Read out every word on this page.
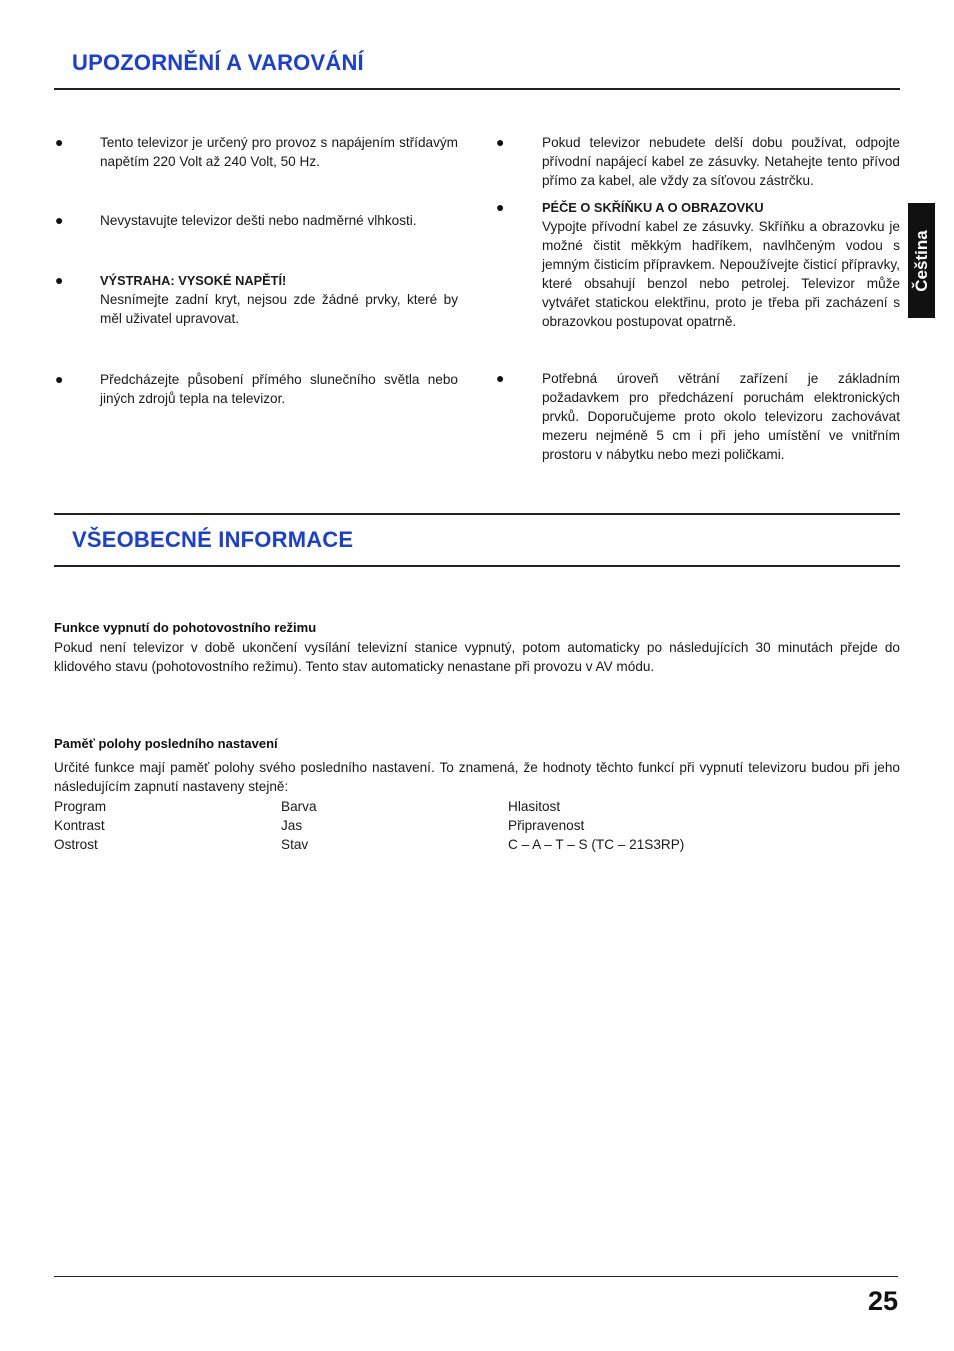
UPOZORNĚNÍ A VAROVÁNÍ
●	Tento televizor je určený pro provoz s napájením střídavým napětím 220 Volt až 240 Volt, 50 Hz.

●	Nevystavujte televizor dešti nebo nadměrné vlhkosti.

●	VÝSTRAHA: VYSOKÉ NAPĚTÍ!
Nesnímejte zadní kryt, nejsou zde žádné prvky, které by měl uživatel upravovat.

●	Předcházejte působení přímého slunečního světla nebo jiných zdrojů tepla na televizor.

●	Pokud televizor nebudete delší dobu používat, odpojte přívodní napájecí kabel ze zásuvky. Netahejte tento přívod přímo za kabel, ale vždy za síťovou zástrčku.

●	PÉČE O SKŘÍŇKU A O OBRAZOVKU
Vypojte přívodní kabel ze zásuvky. Skříňku a obrazovku je možné čistit měkkým hadříkem, navlhčeným vodou s jemným čisticím přípravkem. Nepoužívejte čisticí přípravky, které obsahují benzol nebo petrolej. Televizor může vytvářet statickou elektřinu, proto je třeba při zacházení s obrazovkou postupovat opatrně.

●	Potřebná úroveň větrání zařízení je základním požadavkem pro předcházení poruchám elektronických prvků. Doporučujeme proto okolo televizoru zachovávat mezeru nejméně 5 cm i při jeho umístění ve vnitřním prostoru v nábytku nebo mezi poličkami.

Čeština
VŠEOBECNÉ INFORMACE
Funkce vypnutí do pohotovostního režimu

Pokud není televizor v době ukončení vysílání televizní stanice vypnutý, potom automaticky po následujících 30 minutách přejde do klidového stavu (pohotovostního režimu). Tento stav automaticky nenastane při provozu v AV módu.

Paměť polohy posledního nastavení

Určité funkce mají paměť polohy svého posledního nastavení. To znamená, že hodnoty těchto funkcí při vypnutí televizoru budou při jeho následujícím zapnutí nastaveny stejně:

Program	Barva	Hlasitost
Kontrast	Jas	Připravenost
Ostrost	Stav	C – A – T – S (TC – 21S3RP)
25
